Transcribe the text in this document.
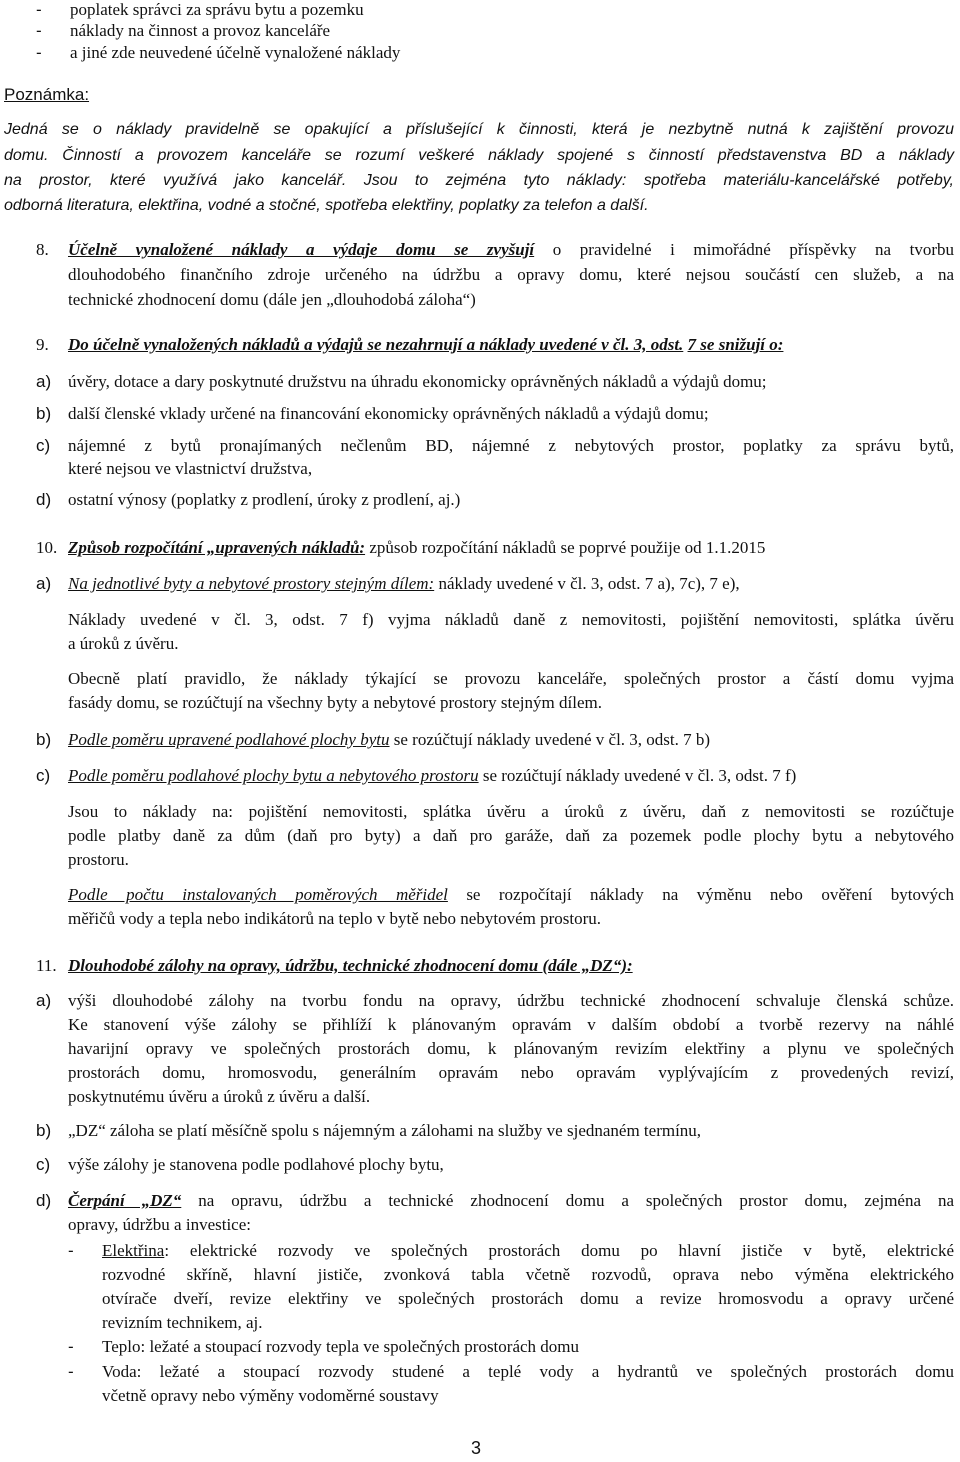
- poplatek správci za správu bytu a pozemku
- náklady na činnost a provoz kanceláře
- a jiné zde neuvedené účelně vynaložené náklady
Poznámka:
Jedná se o náklady pravidelně se opakující a příslušející k činnosti, která je nezbytně nutná k zajištění provozu
domu. Činností a provozem kanceláře se rozumí veškeré náklady spojené s činností představenstva BD a náklady
na prostor, které využívá jako kancelář. Jsou to zejména tyto náklady: spotřeba materiálu-kancelářské potřeby,
odborná literatura, elektřina, vodné a stočné, spotřeba elektřiny, poplatky za telefon a další.
8. Účelně vynaložené náklady a výdaje domu se zvyšují o pravidelné i mimořádné příspěvky na tvorbu
dlouhodobého finančního zdroje určeného na údržbu a opravy domu, které nejsou součástí cen služeb, a na
technické zhodnocení domu (dále jen „dlouhodobá záloha“)
9. Do účelně vynaložených nákladů a výdajů se nezahrnují a náklady uvedené v čl. 3, odst. 7 se snižují o:
a) úvěry, dotace a dary poskytnuté družstvu na úhradu ekonomicky oprávněných nákladů a výdajů domu;
b) další členské vklady určené na financování ekonomicky oprávněných nákladů a výdajů domu;
c) nájemné z bytů pronajímaných nečlenům BD, nájemné z nebytových prostor, poplatky za správu bytů,
které nejsou ve vlastnictví družstva,
d) ostatní výnosy (poplatky z prodlení, úroky z prodlení, aj.)
10. Způsob rozpočítání „upravených nákladů: způsob rozpočítání nákladů se poprvé použije od 1.1.2015
a) Na jednotlivé byty a nebytové prostory stejným dílem: náklady uvedené v čl. 3, odst. 7 a), 7c), 7 e),
Náklady uvedené v čl. 3, odst. 7 f) vyjma nákladů daně z nemovitosti, pojištění nemovitosti, splátka úvěru
a úroků z úvěru.
Obecně platí pravidlo, že náklady týkající se provozu kanceláře, společných prostor a částí domu vyjma
fasády domu, se rozúčtují na všechny byty a nebytové prostory stejným dílem.
b) Podle poměru upravené podlahové plochy bytu se rozúčtují náklady uvedené v čl. 3, odst. 7 b)
c) Podle poměru podlahové plochy bytu a nebytového prostoru se rozúčtují náklady uvedené v čl. 3, odst. 7 f)
Jsou to náklady na: pojištění nemovitosti, splátka úvěru a úroků z úvěru, daň z nemovitosti se rozúčtuje
podle platby daně za dům (daň pro byty) a daň pro garáže, daň za pozemek podle plochy bytu a nebytového
prostoru.
Podle počtu instalovaných poměrových měřidel se rozpočítají náklady na výměnu nebo ověření bytových
měřičů vody a tepla nebo indikátorů na teplo v bytě nebo nebytovém prostoru.
11. Dlouhodobé zálohy na opravy, údržbu, technické zhodnocení domu (dále „DZ“):
a) výši dlouhodobé zálohy na tvorbu fondu na opravy, údržbu technické zhodnocení schvaluje členská schůze.
Ke stanovení výše zálohy se přihlíží k plánovaným opravám v dalším období a tvorbě rezervy na náhlé
havarijní opravy ve společných prostorách domu, k plánovaným revizím elektřiny a plynu ve společných
prostorách domu, hromosvodu, generálním opravám nebo opravám vyplývajícím z provedených revizí,
poskytnutému úvěru a úroků z úvěru a další.
b) „DZ“ záloha se platí měsíčně spolu s nájemným a zálohami na služby ve sjednaném termínu,
c) výše zálohy je stanovena podle podlahové plochy bytu,
d) Čerpání „DZ“ na opravu, údržbu a technické zhodnocení domu a společných prostor domu, zejména na
opravy, údržbu a investice:
- Elektřina: elektrické rozvody ve společných prostorách domu po hlavní jističe v bytě, elektrické
rozvodné skříně, hlavní jističe, zvonková tabla včetně rozvodů, oprava nebo výměna elektrického
otvírače dveří, revize elektřiny ve společných prostorách domu a revize hromosvodu a opravy určené
revizním technikem, aj.
- Teplo: ležaté a stoupací rozvody tepla ve společných prostorách domu
- Voda: ležaté a stoupací rozvody studené a teplé vody a hydrantů ve společných prostorách domu
včetně opravy nebo výměny vodoměrné soustavy
3
